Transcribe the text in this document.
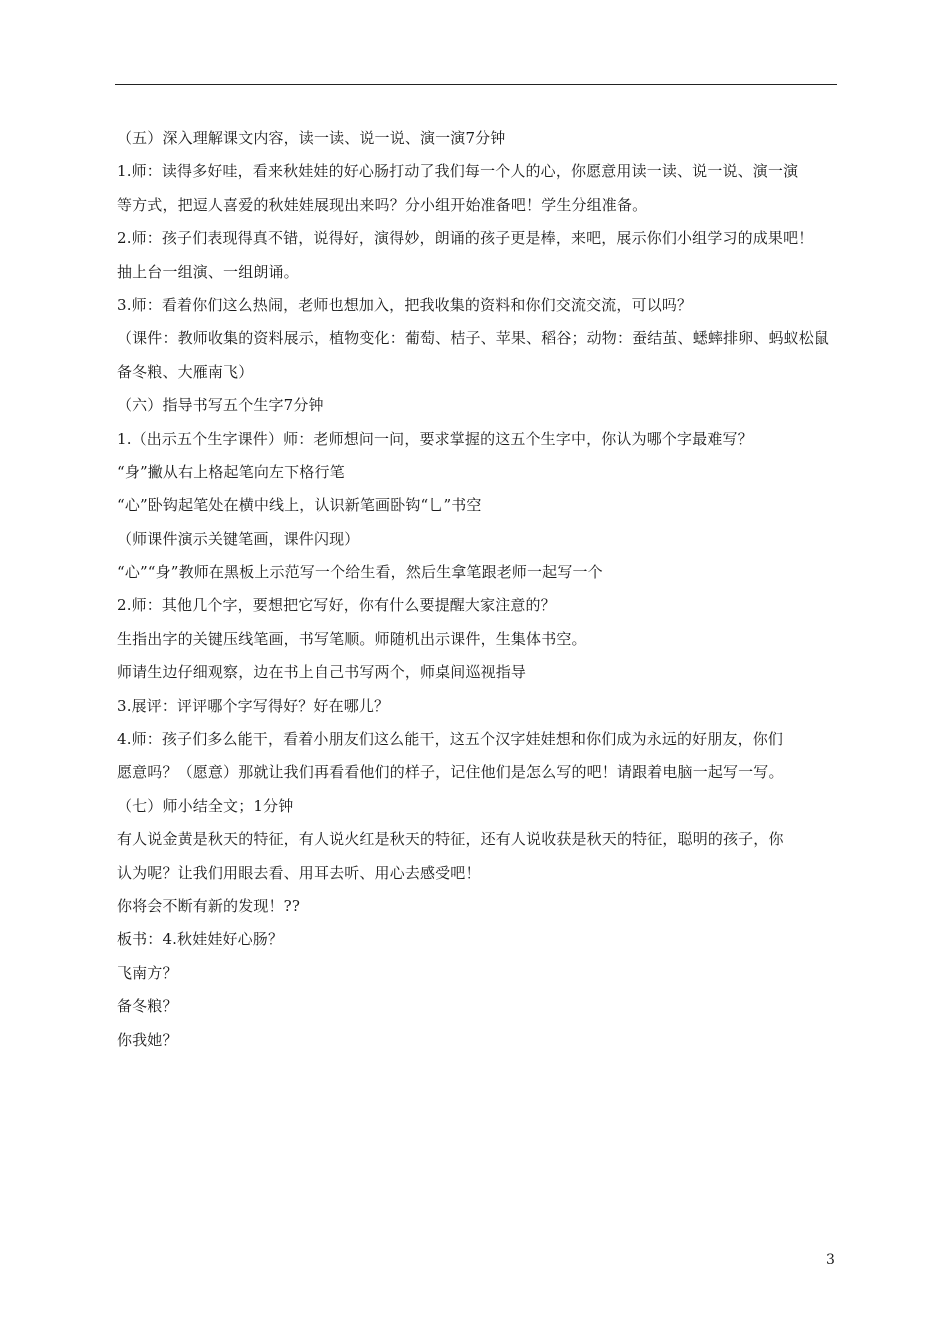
（五）深入理解课文内容，读一读、说一说、演一演7分钟
1.师：读得多好哇，看来秋娃娃的好心肠打动了我们每一个人的心，你愿意用读一读、说一说、演一演
等方式，把逗人喜爱的秋娃娃展现出来吗？分小组开始准备吧！学生分组准备。
2.师：孩子们表现得真不错，说得好，演得妙，朗诵的孩子更是棒，来吧，展示你们小组学习的成果吧！
抽上台一组演、一组朗诵。
3.师：看着你们这么热闹，老师也想加入，把我收集的资料和你们交流交流，可以吗？
（课件：教师收集的资料展示，植物变化：葡萄、桔子、苹果、稻谷；动物：蚕结茧、蟋蟀排卵、蚂蚁松鼠
备冬粮、大雁南飞）
（六）指导书写五个生字7分钟
1.（出示五个生字课件）师：老师想问一问，要求掌握的这五个生字中，你认为哪个字最难写？
“身”撇从右上格起笔向左下格行笔
“心”卧钩起笔处在横中线上，认识新笔画卧钩“乚”书空
（师课件演示关键笔画，课件闪现）
“心”“身”教师在黑板上示范写一个给生看，然后生拿笔跟老师一起写一个
2.师：其他几个字，要想把它写好，你有什么要提醒大家注意的？
生指出字的关键压线笔画，书写笔顺。师随机出示课件，生集体书空。
师请生边仔细观察，边在书上自己书写两个，师桌间巡视指导
3.展评：评评哪个字写得好？好在哪儿？
4.师：孩子们多么能干，看着小朋友们这么能干，这五个汉字娃娃想和你们成为永远的好朋友，你们
愿意吗？（愿意）那就让我们再看看他们的样子，记住他们是怎么写的吧！请跟着电脑一起写一写。
（七）师小结全文；1分钟
有人说金黄是秋天的特征，有人说火红是秋天的特征，还有人说收获是秋天的特征，聪明的孩子，你
认为呢？让我们用眼去看、用耳去听、用心去感受吧！
你将会不断有新的发现！??
板书：4.秋娃娃好心肠？
飞南方？
备冬粮？
你我她？
3
